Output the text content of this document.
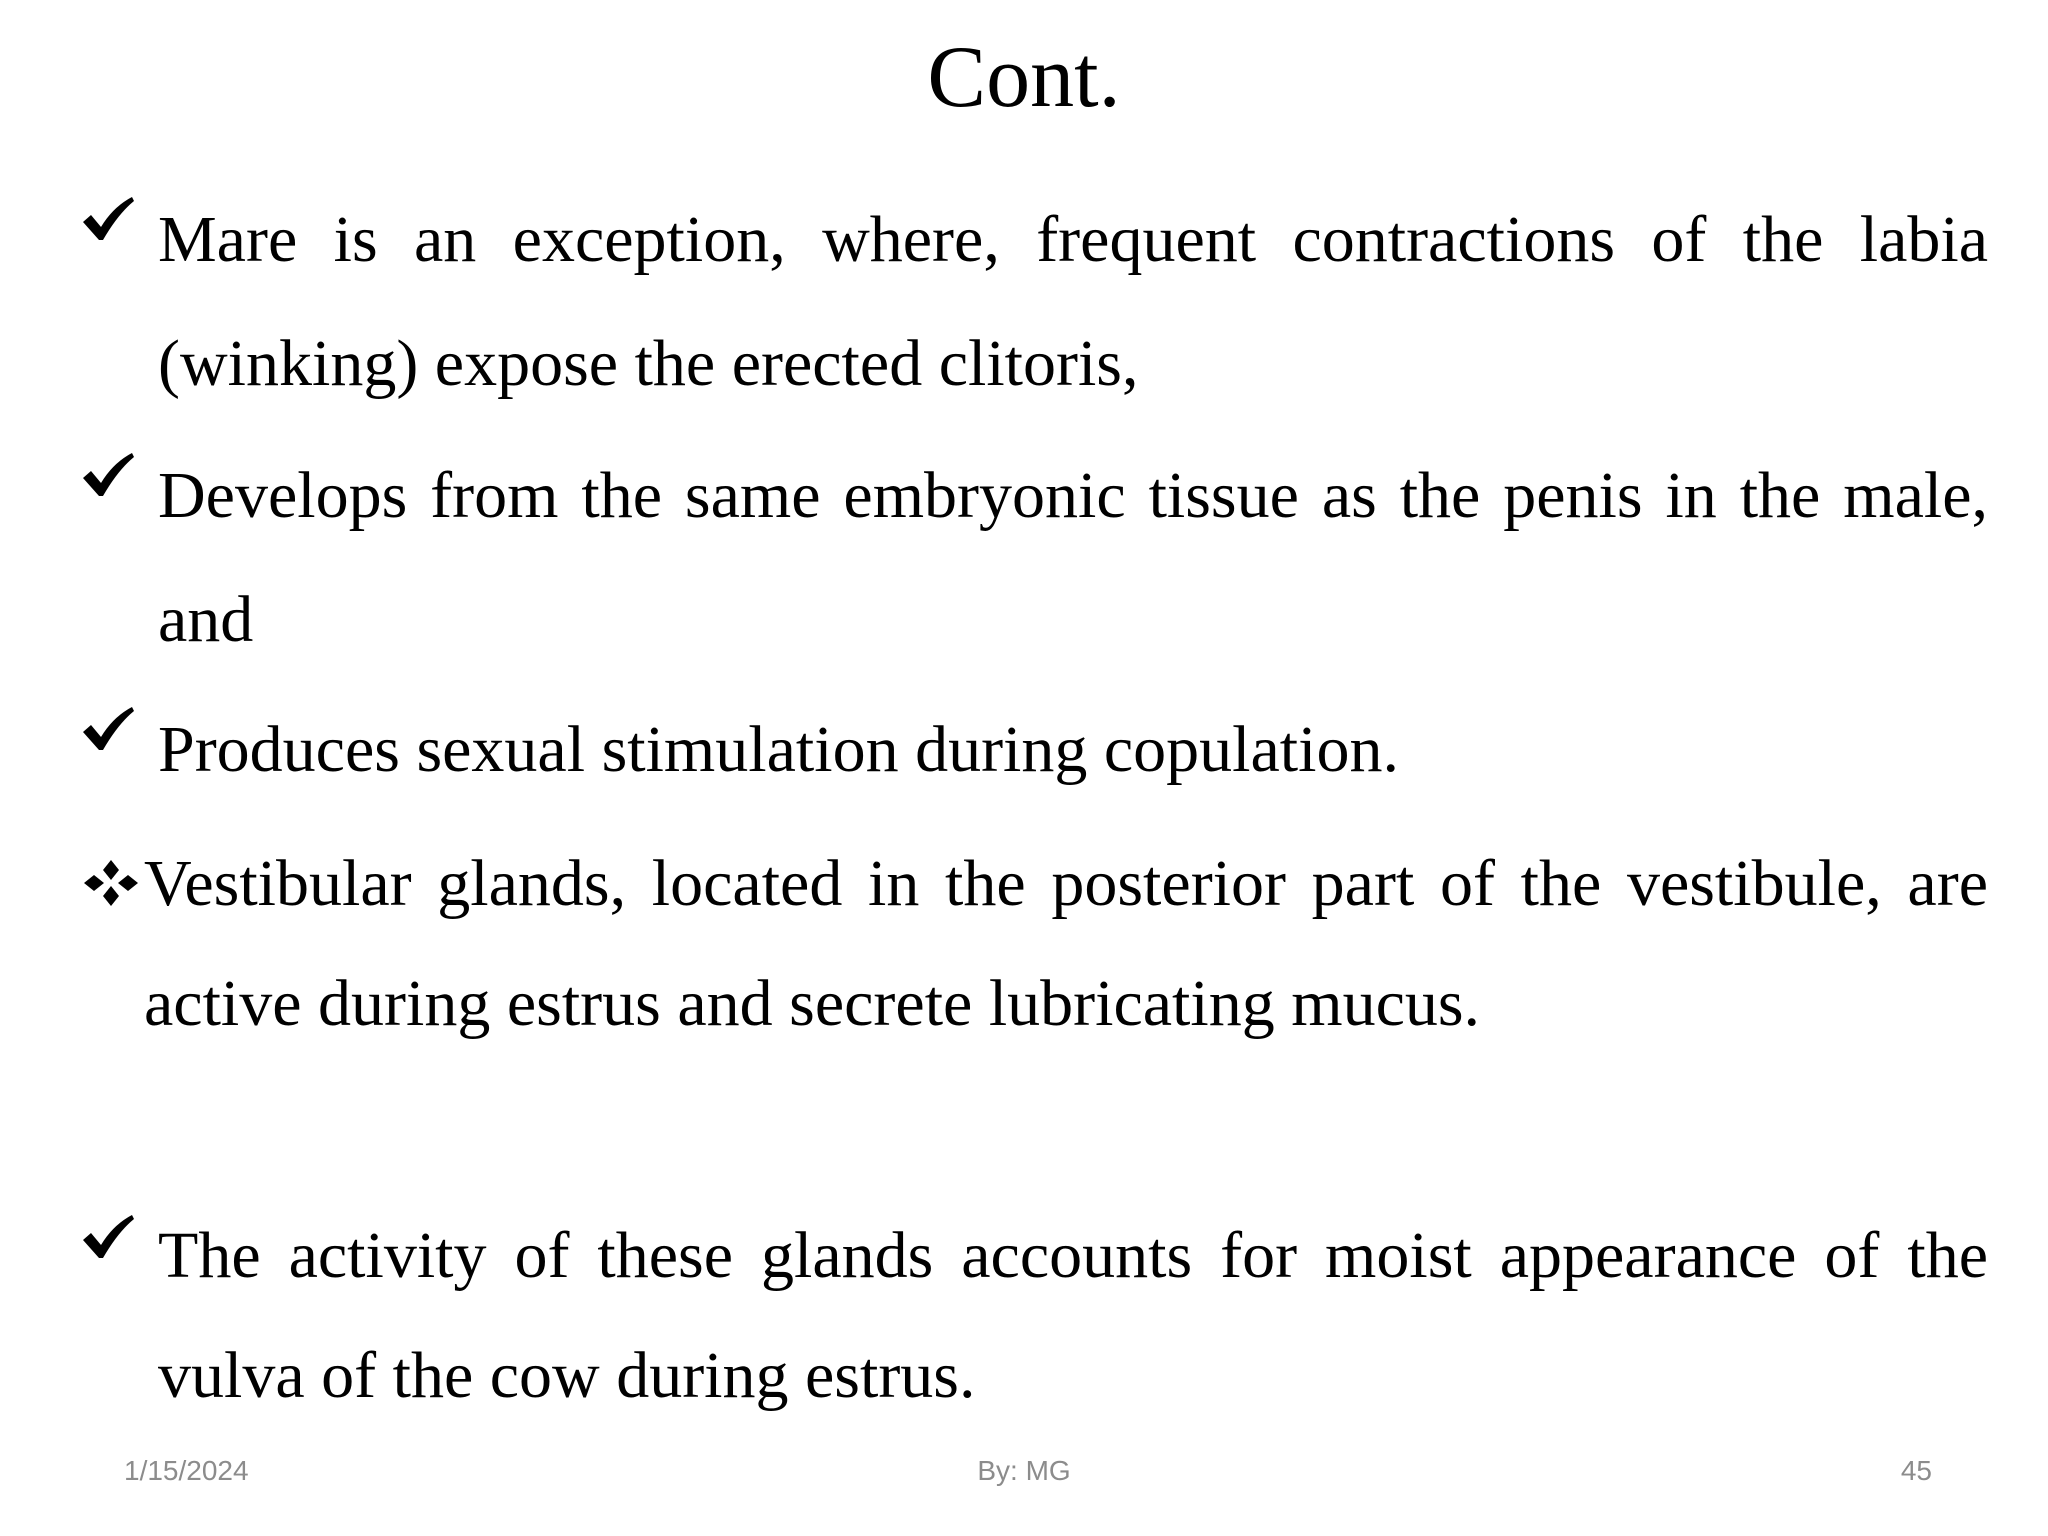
Cont.

Mare is an exception, where, frequent contractions of the labia (winking) expose the erected clitoris,

Develops from the same embryonic tissue as the penis in the male, and

Produces sexual stimulation during copulation.

Vestibular glands, located in the posterior part of the vestibule, are active during estrus and secrete lubricating mucus.

The activity of these glands accounts for moist appearance of the vulva of the cow during estrus.

1/15/2024	By: MG	45
